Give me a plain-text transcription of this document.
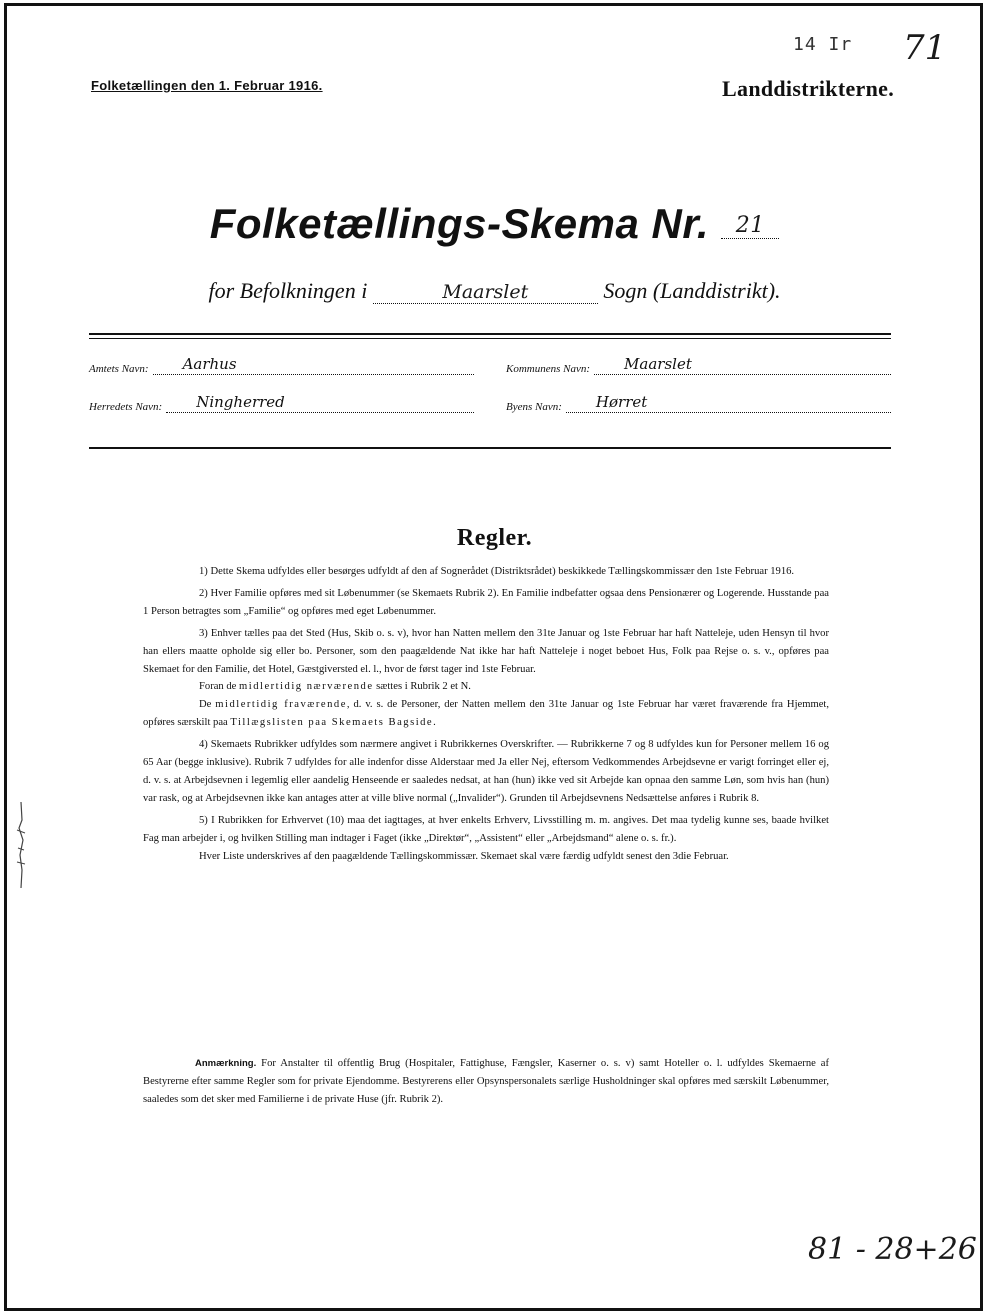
14 Ir 71
Folketællingen den 1. Februar 1916.	Landdistrikterne.
Folketællings-Skema Nr. 21
for Befolkningen i	Maarslet	Sogn (Landdistrikt).
Amtets Navn:	Aarhus	Kommunens Navn:	Maarslet
Herredets Navn:	Ningherred	Byens Navn:	Hørret
Regler.

1) Dette Skema udfyldes eller besørges udfyldt af den af Sognerådet (Distriktsrådet) beskikkede Tællingskommissær den 1ste Februar 1916.

2) Hver Familie opføres med sit Løbenummer (se Skemaets Rubrik 2). En Familie indbefatter ogsaa dens Pensionærer og Logerende. Husstande paa 1 Person betragtes som „Familie“ og opføres med eget Løbenummer.

3) Enhver tælles paa det Sted (Hus, Skib o. s. v), hvor han Natten mellem den 31te Januar og 1ste Februar har haft Natteleje, uden Hensyn til hvor han ellers maatte opholde sig eller bo. Personer, som den paagældende Nat ikke har haft Natteleje i noget beboet Hus, Folk paa Rejse o. s. v., opføres paa Skemaet for den Familie, det Hotel, Gæstgiversted el. l., hvor de først tager ind 1ste Februar.

Foran de midlertidig nærværende sættes i Rubrik 2 et N.

De midlertidig fraværende, d. v. s. de Personer, der Natten mellem den 31te Januar og 1ste Februar har været fraværende fra Hjemmet, opføres særskilt paa Tillægslisten paa Skemaets Bagside.

4) Skemaets Rubrikker udfyldes som nærmere angivet i Rubrikkernes Overskrifter. — Rubrikkerne 7 og 8 udfyldes kun for Personer mellem 16 og 65 Aar (begge inklusive). Rubrik 7 udfyldes for alle indenfor disse Alderstaar med Ja eller Nej, eftersom Vedkommendes Arbejdsevne er varigt forringet eller ej, d. v. s. at Arbejdsevnen i legemlig eller aandelig Henseende er saaledes nedsat, at han (hun) ikke ved sit Arbejde kan opnaa den samme Løn, som hvis han (hun) var rask, og at Arbejdsevnen ikke kan antages atter at ville blive normal („Invalider“). Grunden til Arbejdsevnens Nedsættelse anføres i Rubrik 8.

5) I Rubrikken for Erhvervet (10) maa det iagttages, at hver enkelts Erhverv, Livsstilling m. m. angives. Det maa tydelig kunne ses, baade hvilket Fag man arbejder i, og hvilken Stilling man indtager i Faget (ikke „Direktør“, „Assistent“ eller „Arbejdsmand“ alene o. s. fr.).

Hver Liste underskrives af den paagældende Tællingskommissær. Skemaet skal være færdig udfyldt senest den 3die Februar.

Anmærkning. For Anstalter til offentlig Brug (Hospitaler, Fattighuse, Fængsler, Kaserner o. s. v) samt Hoteller o. l. udfyldes Skemaerne af Bestyrerne efter samme Regler som for private Ejendomme. Bestyrerens eller Opsynspersonalets særlige Husholdninger skal opføres med særskilt Løbenummer, saaledes som det sker med Familierne i de private Huse (jfr. Rubrik 2).

81 - 28+26
